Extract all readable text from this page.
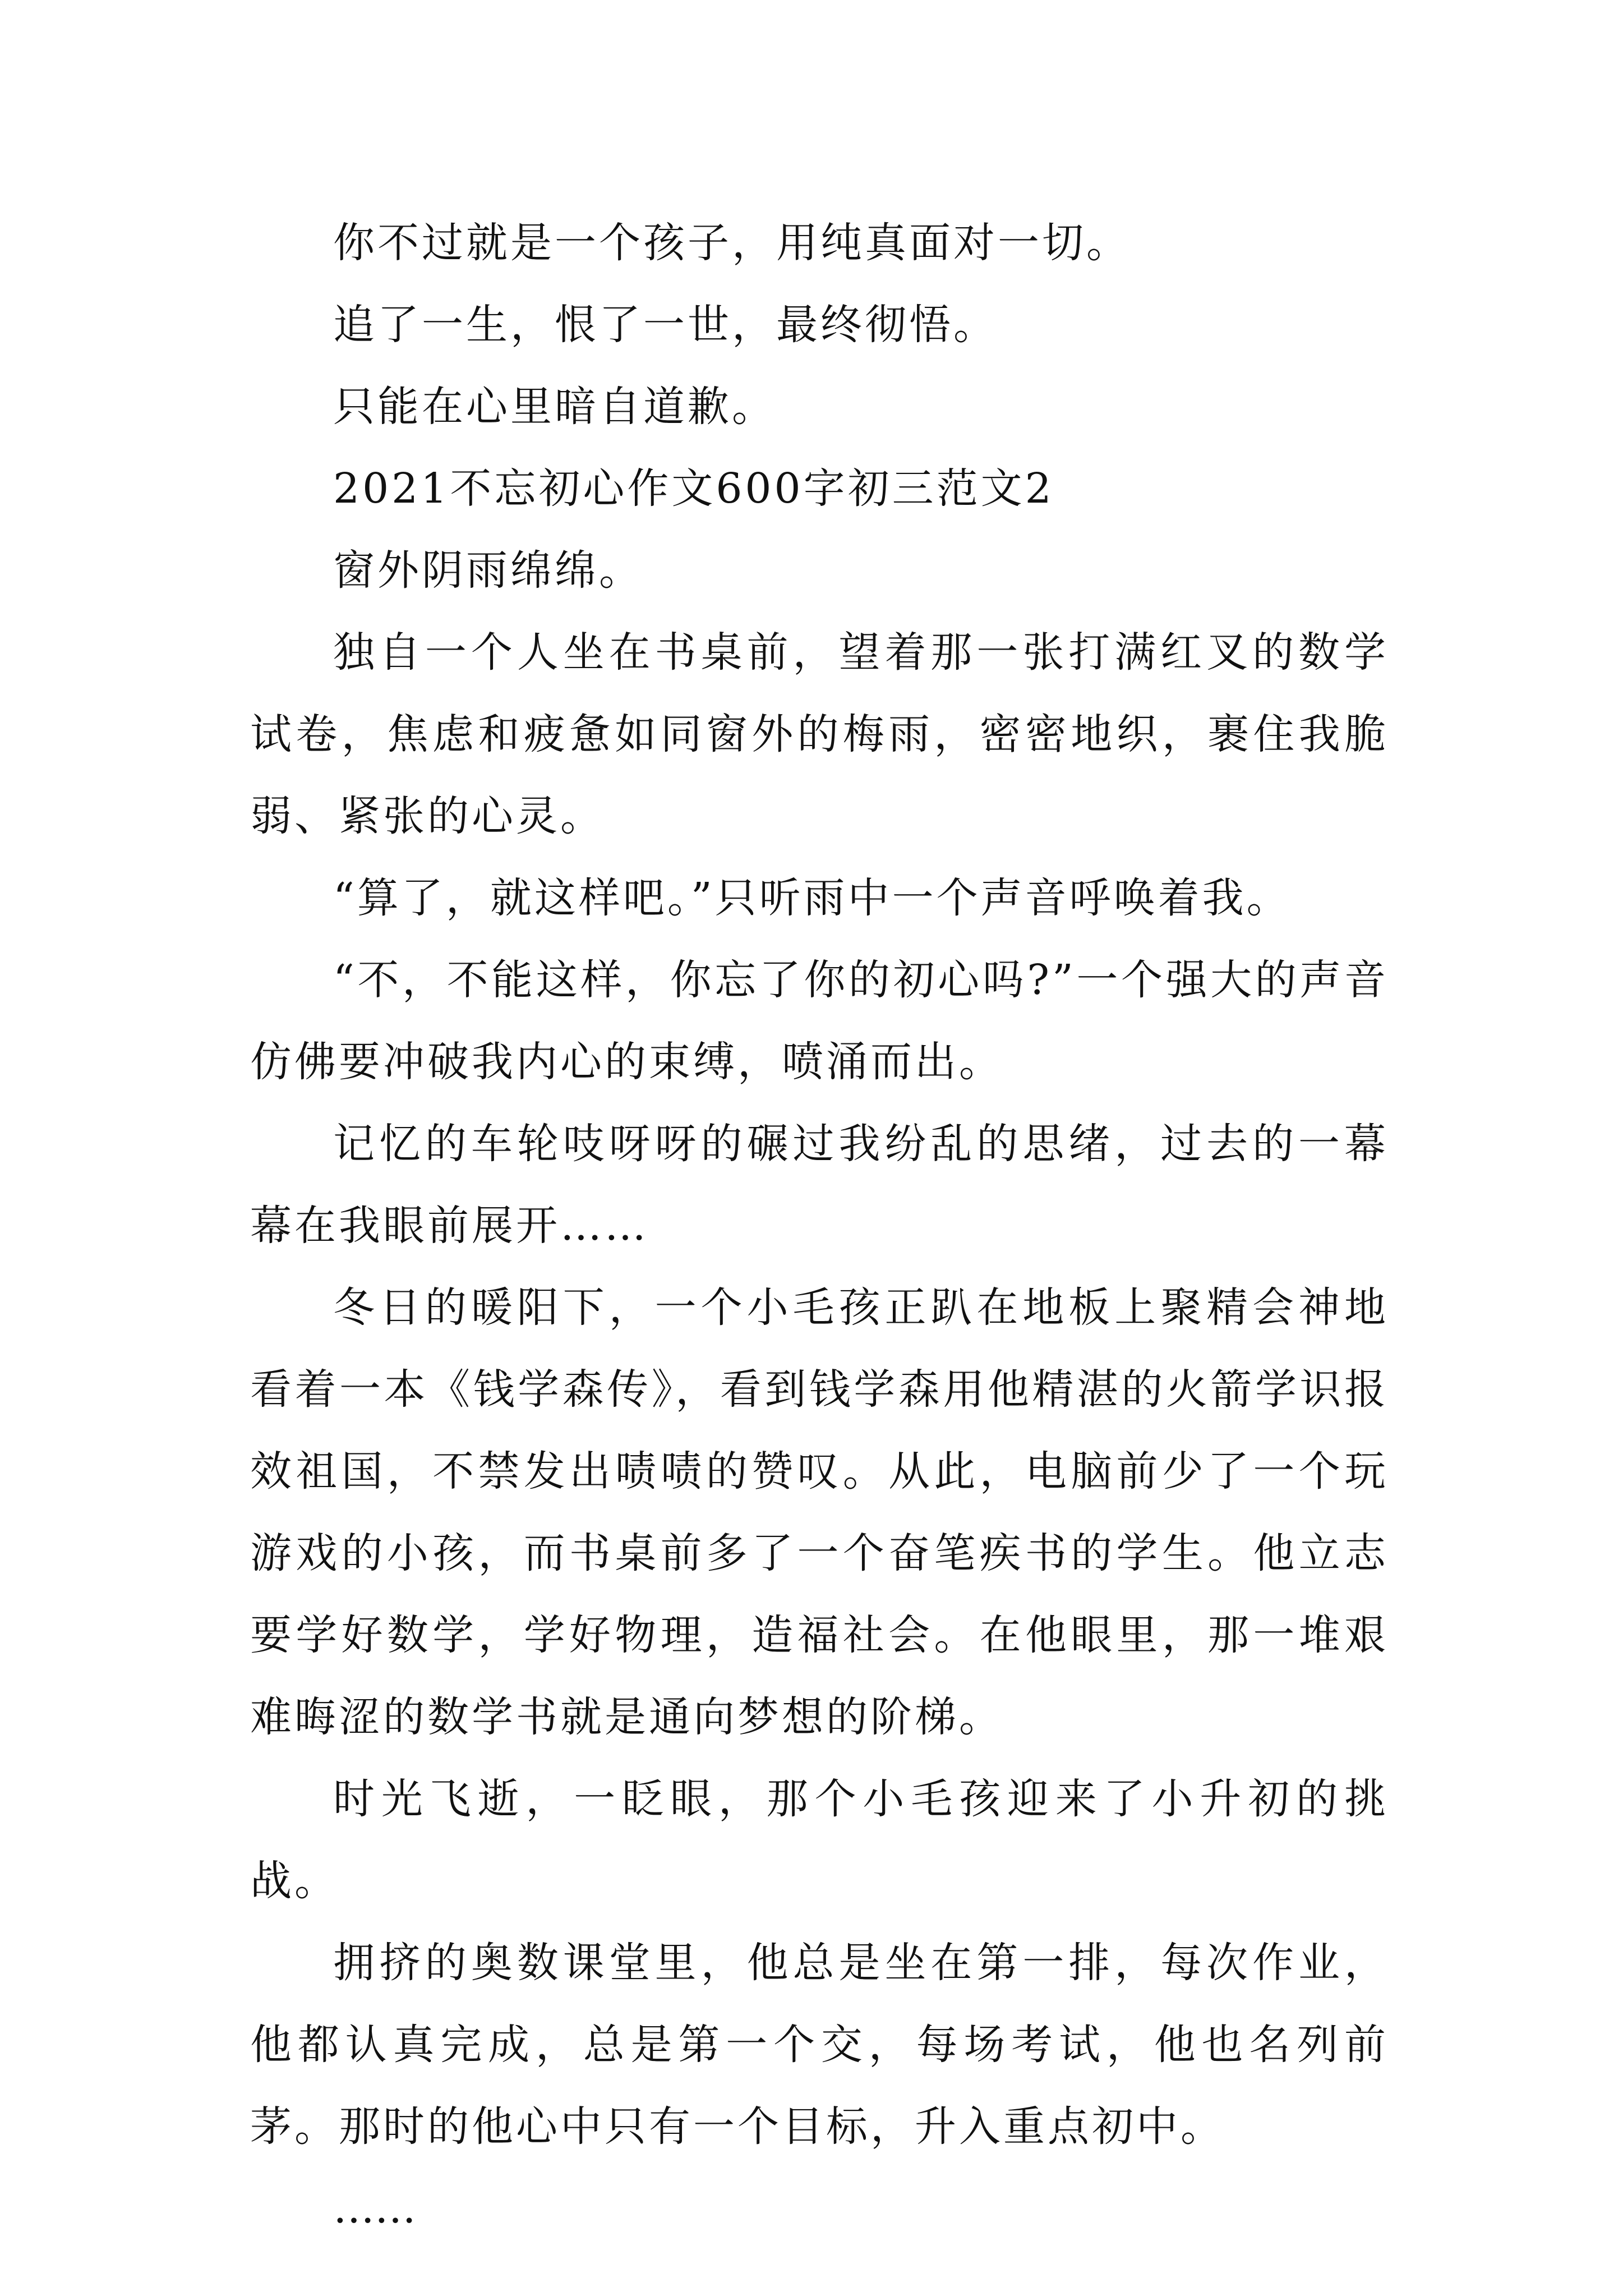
你不过就是一个孩子，用纯真面对一切。

追了一生，恨了一世，最终彻悟。

只能在心里暗自道歉。

2021不忘初心作文600字初三范文2

窗外阴雨绵绵。

独自一个人坐在书桌前，望着那一张打满红叉的数学试卷，焦虑和疲惫如同窗外的梅雨，密密地织，裹住我脆弱、紧张的心灵。

“算了，就这样吧。”只听雨中一个声音呼唤着我。

“不，不能这样，你忘了你的初心吗?”一个强大的声音仿佛要冲破我内心的束缚，喷涌而出。

记忆的车轮吱呀呀的碾过我纷乱的思绪，过去的一幕幕在我眼前展开……

冬日的暖阳下，一个小毛孩正趴在地板上聚精会神地看着一本《钱学森传》，看到钱学森用他精湛的火箭学识报效祖国，不禁发出啧啧的赞叹。从此，电脑前少了一个玩游戏的小孩，而书桌前多了一个奋笔疾书的学生。他立志要学好数学，学好物理，造福社会。在他眼里，那一堆艰难晦涩的数学书就是通向梦想的阶梯。

时光飞逝，一眨眼，那个小毛孩迎来了小升初的挑战。

拥挤的奥数课堂里，他总是坐在第一排，每次作业，他都认真完成，总是第一个交，每场考试，他也名列前茅。那时的他心中只有一个目标，升入重点初中。

……
